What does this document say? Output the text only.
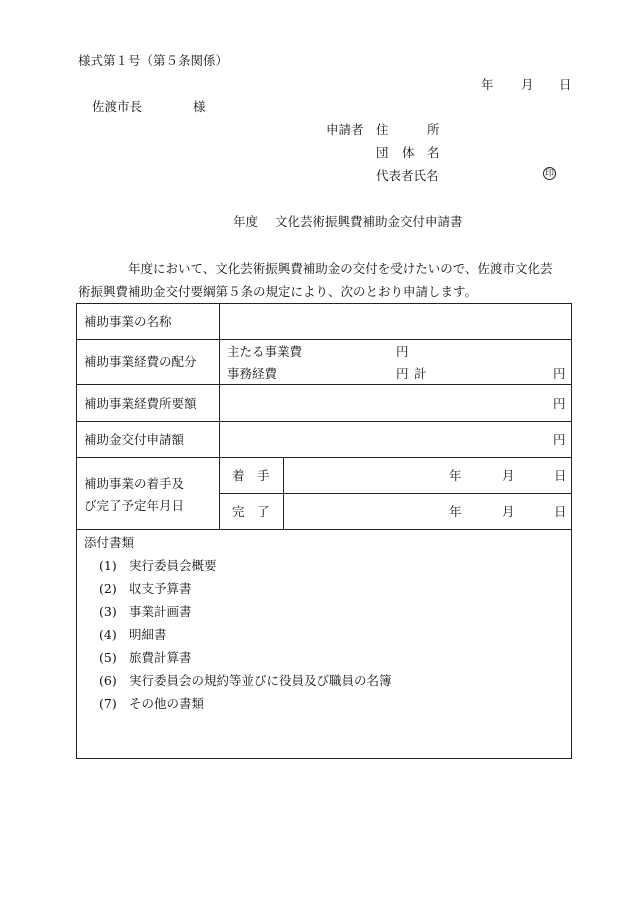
様式第１号（第５条関係）
年 月 日
佐渡市長	様
申請者 住	所
団 体 名
代表者氏名	印
年度 文化芸術振興費補助金交付申請書
年度において、文化芸術振興費補助金の交付を受けたいので、佐渡市文化芸
術振興費補助金交付要綱第５条の規定により、次のとおり申請します。
補助事業の名称
補助事業経費の配分
主たる事業費	円
事務経費	円 計	円
補助事業経費所要額	円
補助金交付申請額	円
補助事業の着手及
び完了予定年月日
着　手	年	月	日
完　了	年	月	日
添付書類
(1) 実行委員会概要
(2) 収支予算書
(3) 事業計画書
(4) 明細書
(5) 旅費計算書
(6) 実行委員会の規約等並びに役員及び職員の名簿
(7) その他の書類
